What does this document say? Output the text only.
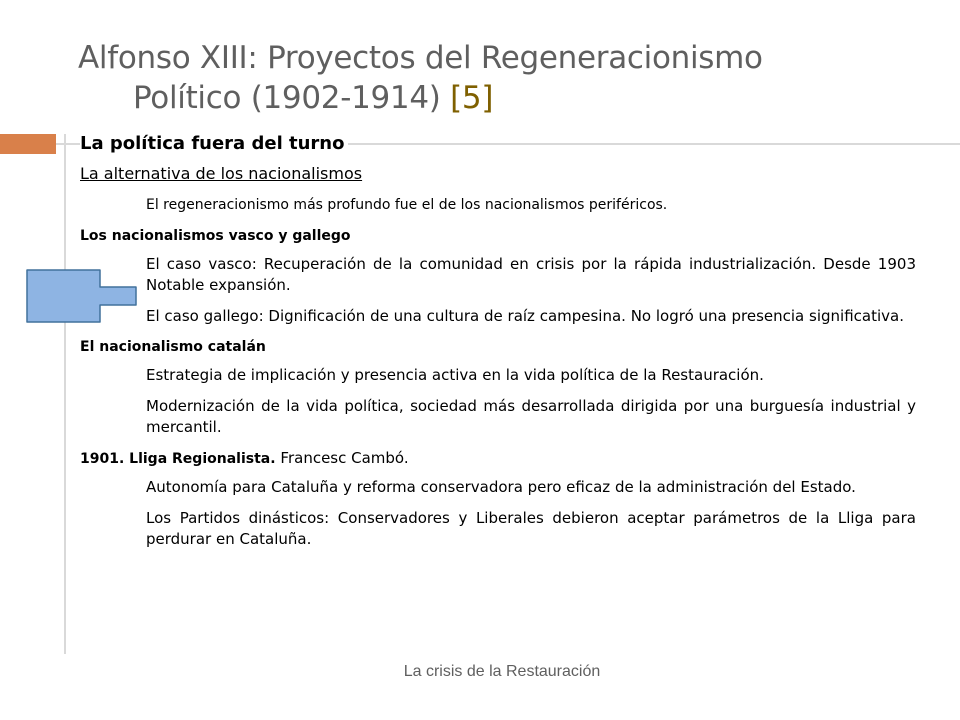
Alfonso XIII: Proyectos del Regeneracionismo
Político (1902-1914) [5]
La política fuera del turno
La alternativa de los nacionalismos

El regeneracionismo más profundo fue el de los nacionalismos periféricos.

Los nacionalismos vasco y gallego

El caso vasco: Recuperación de la comunidad en crisis por la rápida industrialización. Desde 1903 Notable expansión.

El caso gallego: Dignificación de una cultura de raíz campesina. No logró una presencia significativa.

El nacionalismo catalán

Estrategia de implicación y presencia activa en la vida política de la Restauración.

Modernización de la vida política, sociedad más desarrollada dirigida por una burguesía industrial y mercantil.

1901. Lliga Regionalista. Francesc Cambó.

Autonomía para Cataluña y reforma conservadora pero eficaz de la administración del Estado.

Los Partidos dinásticos: Conservadores y Liberales debieron aceptar parámetros de la Lliga para perdurar en Cataluña.

La crisis de la Restauración
